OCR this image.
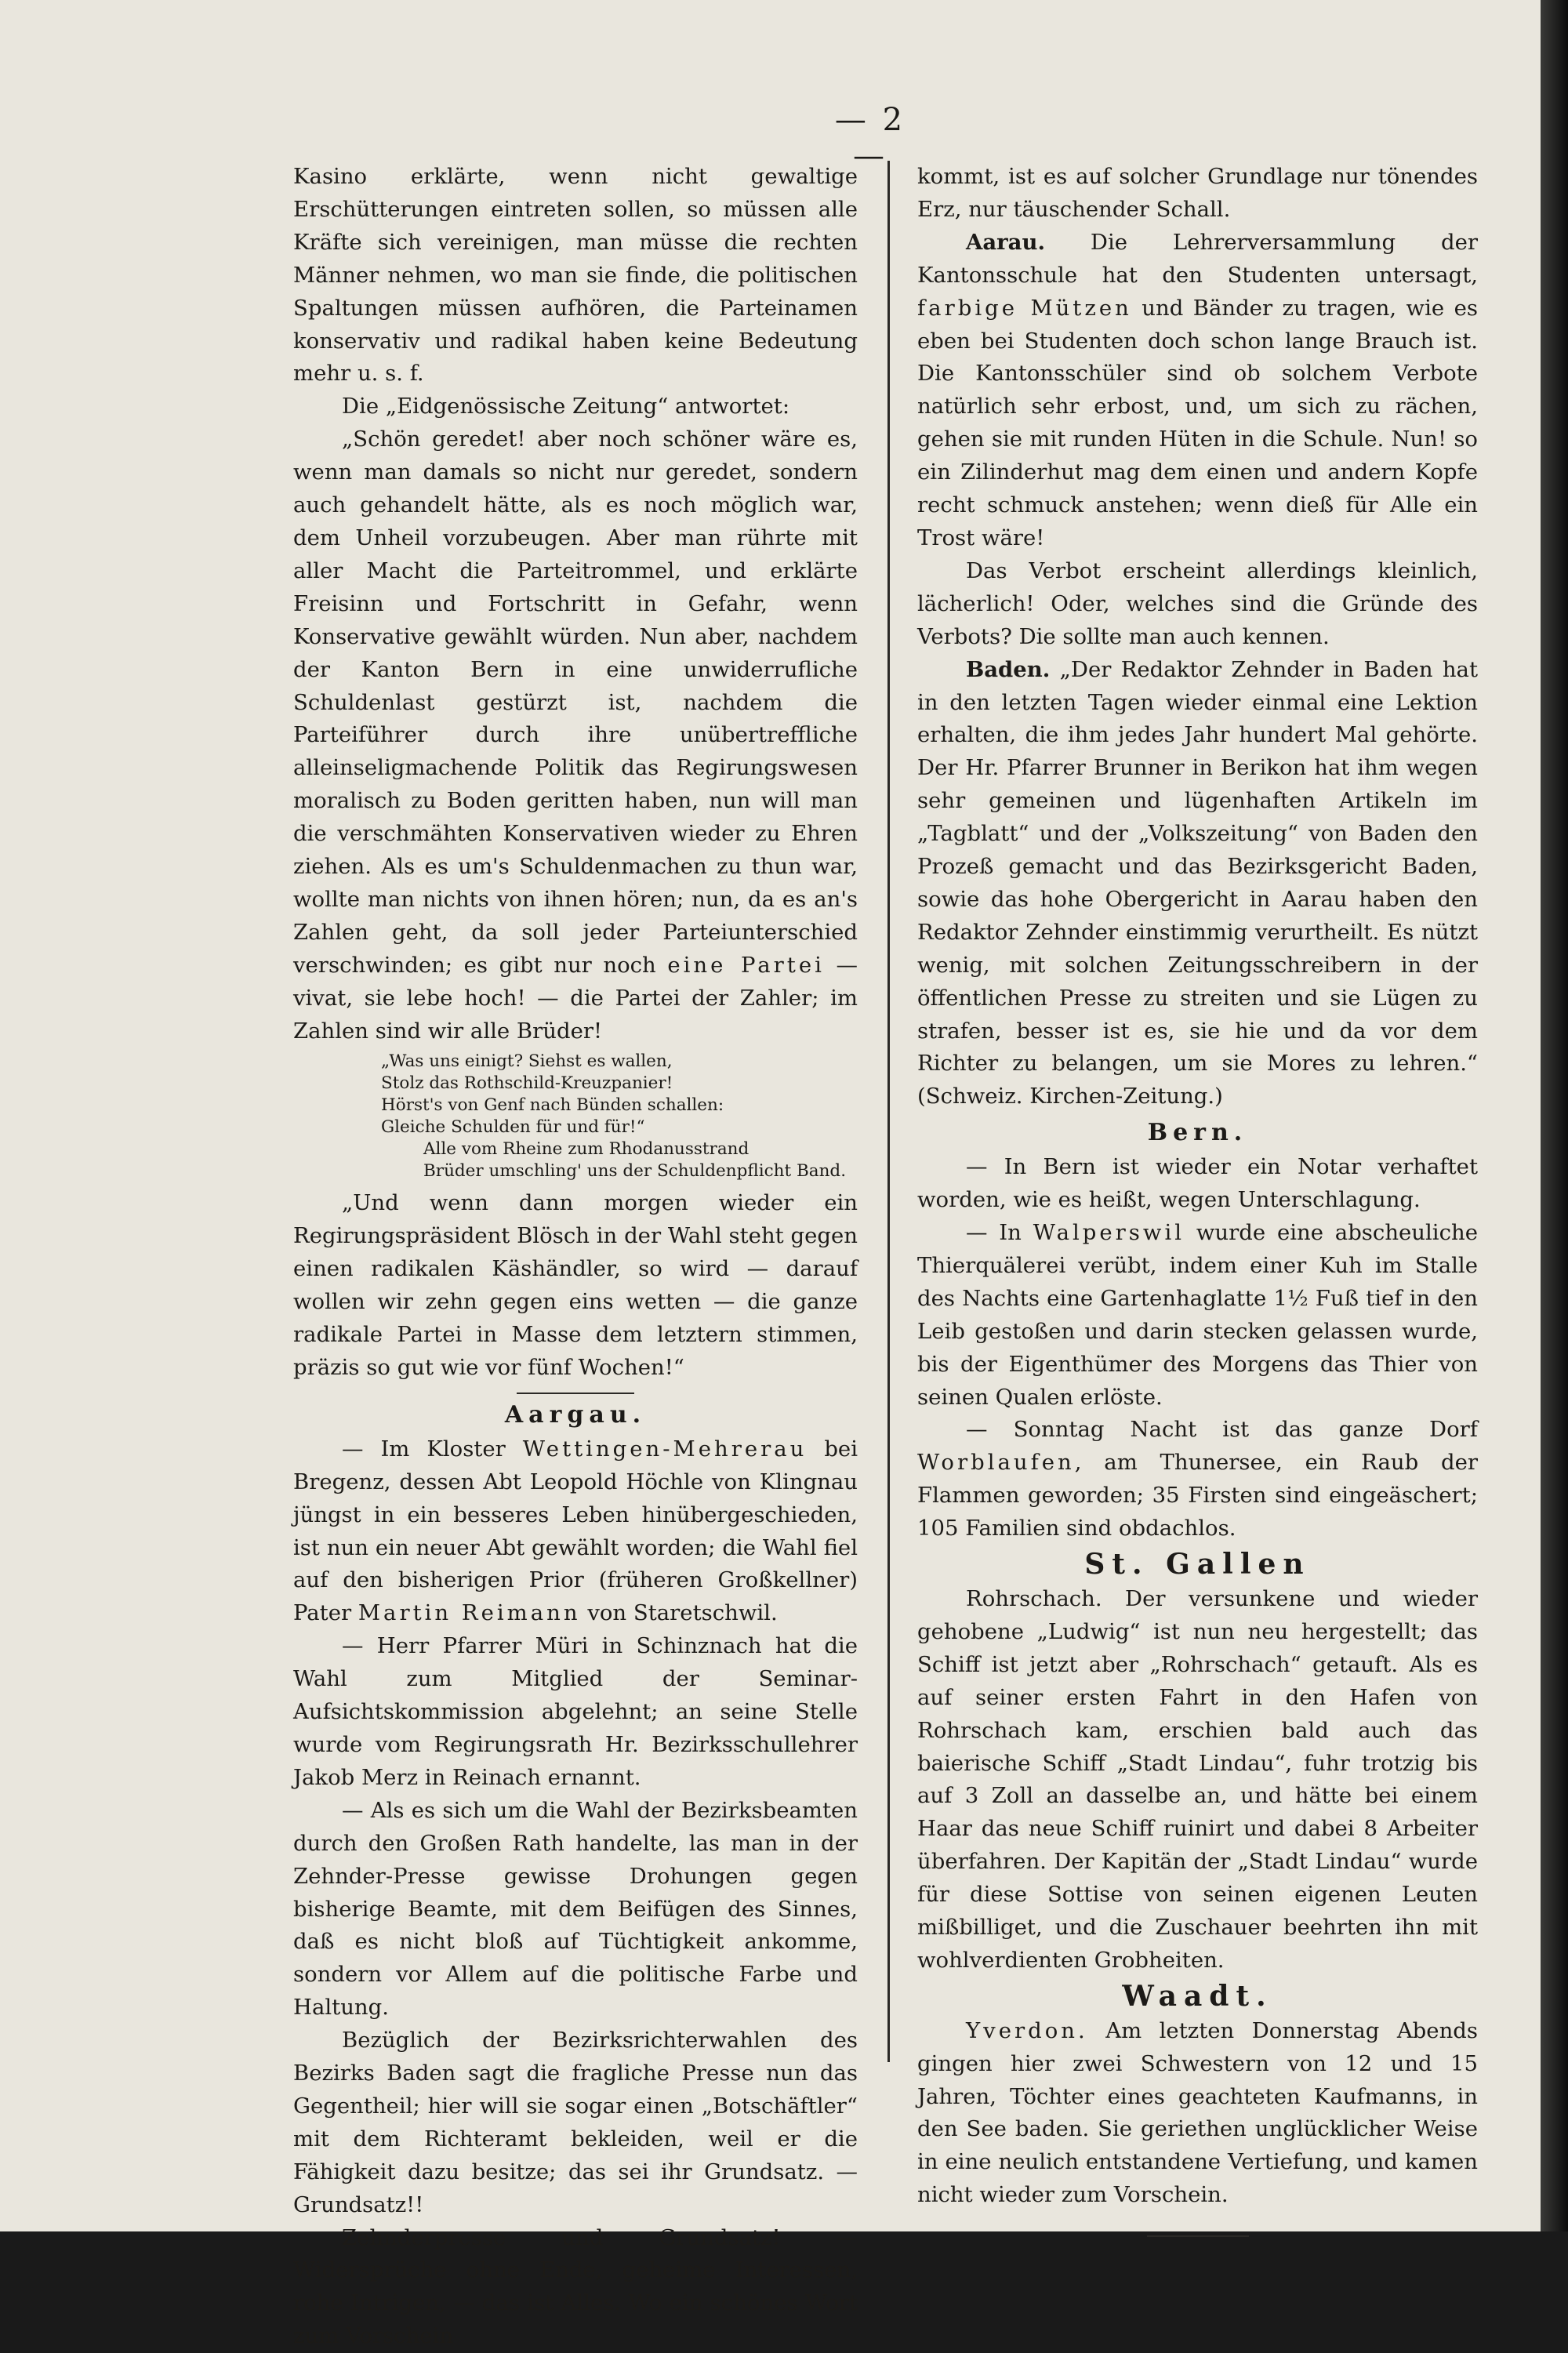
— 2 —

Kasino erklärte, wenn nicht gewaltige Erschütterungen eintreten sollen, so müssen alle Kräfte sich vereinigen, man müsse die rechten Männer nehmen, wo man sie finde, die politischen Spaltungen müssen aufhören, die Parteinamen konservativ und radikal haben keine Bedeutung mehr u. s. f.

Die „Eidgenössische Zeitung“ antwortet:

„Schön geredet! aber noch schöner wäre es, wenn man damals so nicht nur geredet, sondern auch gehandelt hätte, als es noch möglich war, dem Unheil vorzubeugen. Aber man rührte mit aller Macht die Parteitrommel, und erklärte Freisinn und Fortschritt in Gefahr, wenn Konservative gewählt würden. Nun aber, nachdem der Kanton Bern in eine unwiderrufliche Schuldenlast gestürzt ist, nachdem die Parteiführer durch ihre unübertreffliche alleinseligmachende Politik das Regirungswesen moralisch zu Boden geritten haben, nun will man die verschmähten Konservativen wieder zu Ehren ziehen. Als es um's Schuldenmachen zu thun war, wollte man nichts von ihnen hören; nun, da es an's Zahlen geht, da soll jeder Parteiunterschied verschwinden; es gibt nur noch eine Partei — vivat, sie lebe hoch! — die Partei der Zahler; im Zahlen sind wir alle Brüder!

„Was uns einigt? Siehst es wallen,
Stolz das Rothschild-Kreuzpanier!
Hörst's von Genf nach Bünden schallen:
Gleiche Schulden für und für!“
Alle vom Rheine zum Rhodanusstrand
Brüder umschling' uns der Schuldenpflicht Band.

„Und wenn dann morgen wieder ein Regirungspräsident Blösch in der Wahl steht gegen einen radikalen Käshändler, so wird — darauf wollen wir zehn gegen eins wetten — die ganze radikale Partei in Masse dem letztern stimmen, präzis so gut wie vor fünf Wochen!“

Aargau.

— Im Kloster Wettingen-Mehrerau bei Bregenz, dessen Abt Leopold Höchle von Klingnau jüngst in ein besseres Leben hinübergeschieden, ist nun ein neuer Abt gewählt worden; die Wahl fiel auf den bisherigen Prior (früheren Großkellner) Pater Martin Reimann von Staretschwil.

— Herr Pfarrer Müri in Schinznach hat die Wahl zum Mitglied der Seminar-Aufsichtskommission abgelehnt; an seine Stelle wurde vom Regirungsrath Hr. Bezirksschullehrer Jakob Merz in Reinach ernannt.

— Als es sich um die Wahl der Bezirksbeamten durch den Großen Rath handelte, las man in der Zehnder-Presse gewisse Drohungen gegen bisherige Beamte, mit dem Beifügen des Sinnes, daß es nicht bloß auf Tüchtigkeit ankomme, sondern vor Allem auf die politische Farbe und Haltung.

Bezüglich der Bezirksrichterwahlen des Bezirks Baden sagt die fragliche Presse nun das Gegentheil; hier will sie sogar einen „Botschäftler“ mit dem Richteramt bekleiden, weil er die Fähigkeit dazu besitze; das sei ihr Grundsatz. — Grundsatz!!

Zehnderpresse und Grundsatz! — Widersprüche ohne Ende, geheime Interessen, rohe Intrigen, — das ist Alles. Wo ein schönes Wort zum Vorschein

kommt, ist es auf solcher Grundlage nur tönendes Erz, nur täuschender Schall.

Aarau. Die Lehrerversammlung der Kantonsschule hat den Studenten untersagt, farbige Mützen und Bänder zu tragen, wie es eben bei Studenten doch schon lange Brauch ist. Die Kantonsschüler sind ob solchem Verbote natürlich sehr erbost, und, um sich zu rächen, gehen sie mit runden Hüten in die Schule. Nun! so ein Zilinderhut mag dem einen und andern Kopfe recht schmuck anstehen; wenn dieß für Alle ein Trost wäre!

Das Verbot erscheint allerdings kleinlich, lächerlich! Oder, welches sind die Gründe des Verbots? Die sollte man auch kennen.

Baden. „Der Redaktor Zehnder in Baden hat in den letzten Tagen wieder einmal eine Lektion erhalten, die ihm jedes Jahr hundert Mal gehörte. Der Hr. Pfarrer Brunner in Berikon hat ihm wegen sehr gemeinen und lügenhaften Artikeln im „Tagblatt“ und der „Volkszeitung“ von Baden den Prozeß gemacht und das Bezirksgericht Baden, sowie das hohe Obergericht in Aarau haben den Redaktor Zehnder einstimmig verurtheilt. Es nützt wenig, mit solchen Zeitungsschreibern in der öffentlichen Presse zu streiten und sie Lügen zu strafen, besser ist es, sie hie und da vor dem Richter zu belangen, um sie Mores zu lehren.“ (Schweiz. Kirchen-Zeitung.)

Bern.

— In Bern ist wieder ein Notar verhaftet worden, wie es heißt, wegen Unterschlagung.

— In Walperswil wurde eine abscheuliche Thierquälerei verübt, indem einer Kuh im Stalle des Nachts eine Gartenhaglatte 1½ Fuß tief in den Leib gestoßen und darin stecken gelassen wurde, bis der Eigenthümer des Morgens das Thier von seinen Qualen erlöste.

— Sonntag Nacht ist das ganze Dorf Worblaufen, am Thunersee, ein Raub der Flammen geworden; 35 Firsten sind eingeäschert; 105 Familien sind obdachlos.

St. Gallen

Rohrschach. Der versunkene und wieder gehobene „Ludwig“ ist nun neu hergestellt; das Schiff ist jetzt aber „Rohrschach“ getauft. Als es auf seiner ersten Fahrt in den Hafen von Rohrschach kam, erschien bald auch das baierische Schiff „Stadt Lindau“, fuhr trotzig bis auf 3 Zoll an dasselbe an, und hätte bei einem Haar das neue Schiff ruinirt und dabei 8 Arbeiter überfahren. Der Kapitän der „Stadt Lindau“ wurde für diese Sottise von seinen eigenen Leuten mißbilliget, und die Zuschauer beehrten ihn mit wohlverdienten Grobheiten.

Waadt.

Yverdon. Am letzten Donnerstag Abends gingen hier zwei Schwestern von 12 und 15 Jahren, Töchter eines geachteten Kaufmanns, in den See baden. Sie geriethen unglücklicher Weise in eine neulich entstandene Vertiefung, und kamen nicht wieder zum Vorschein.
